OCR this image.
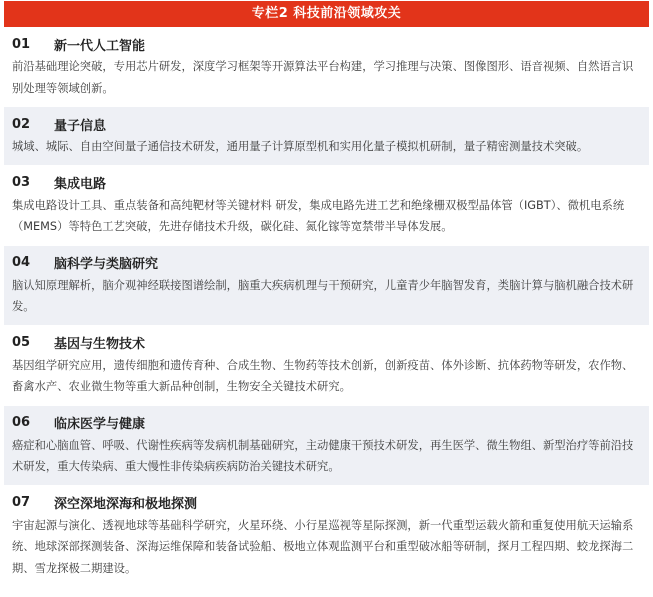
专栏2 科技前沿领域攻关
01	新一代人工智能

前沿基础理论突破，专用芯片研发，深度学习框架等开源算法平台构建，学习推理与决策、图像图形、语音视频、自然语言识别处理等领域创新。

02	量子信息

城域、城际、自由空间量子通信技术研发，通用量子计算原型机和实用化量子模拟机研制，量子精密测量技术突破。

03	集成电路

集成电路设计工具、重点装备和高纯靶材等关键材料 研发，集成电路先进工艺和绝缘栅双极型晶体管（IGBT）、微机电系统（MEMS）等特色工艺突破，先进存储技术升级，碳化硅、氮化镓等宽禁带半导体发展。

04	脑科学与类脑研究

脑认知原理解析，脑介观神经联接图谱绘制，脑重大疾病机理与干预研究，儿童青少年脑智发育，类脑计算与脑机融合技术研发。

05	基因与生物技术

基因组学研究应用，遗传细胞和遗传育种、合成生物、生物药等技术创新，创新疫苗、体外诊断、抗体药物等研发，农作物、畜禽水产、农业微生物等重大新品种创制，生物安全关键技术研究。

06	临床医学与健康

癌症和心脑血管、呼吸、代谢性疾病等发病机制基础研究，主动健康干预技术研发，再生医学、微生物组、新型治疗等前沿技术研发，重大传染病、重大慢性非传染病疾病防治关键技术研究。

07	深空深地深海和极地探测

宇宙起源与演化、透视地球等基础科学研究，火星环绕、小行星巡视等星际探测，新一代重型运载火箭和重复使用航天运输系统、地球深部探测装备、深海运维保障和装备试验船、极地立体观监测平台和重型破冰船等研制，探月工程四期、蛟龙探海二期、雪龙探极二期建设。
